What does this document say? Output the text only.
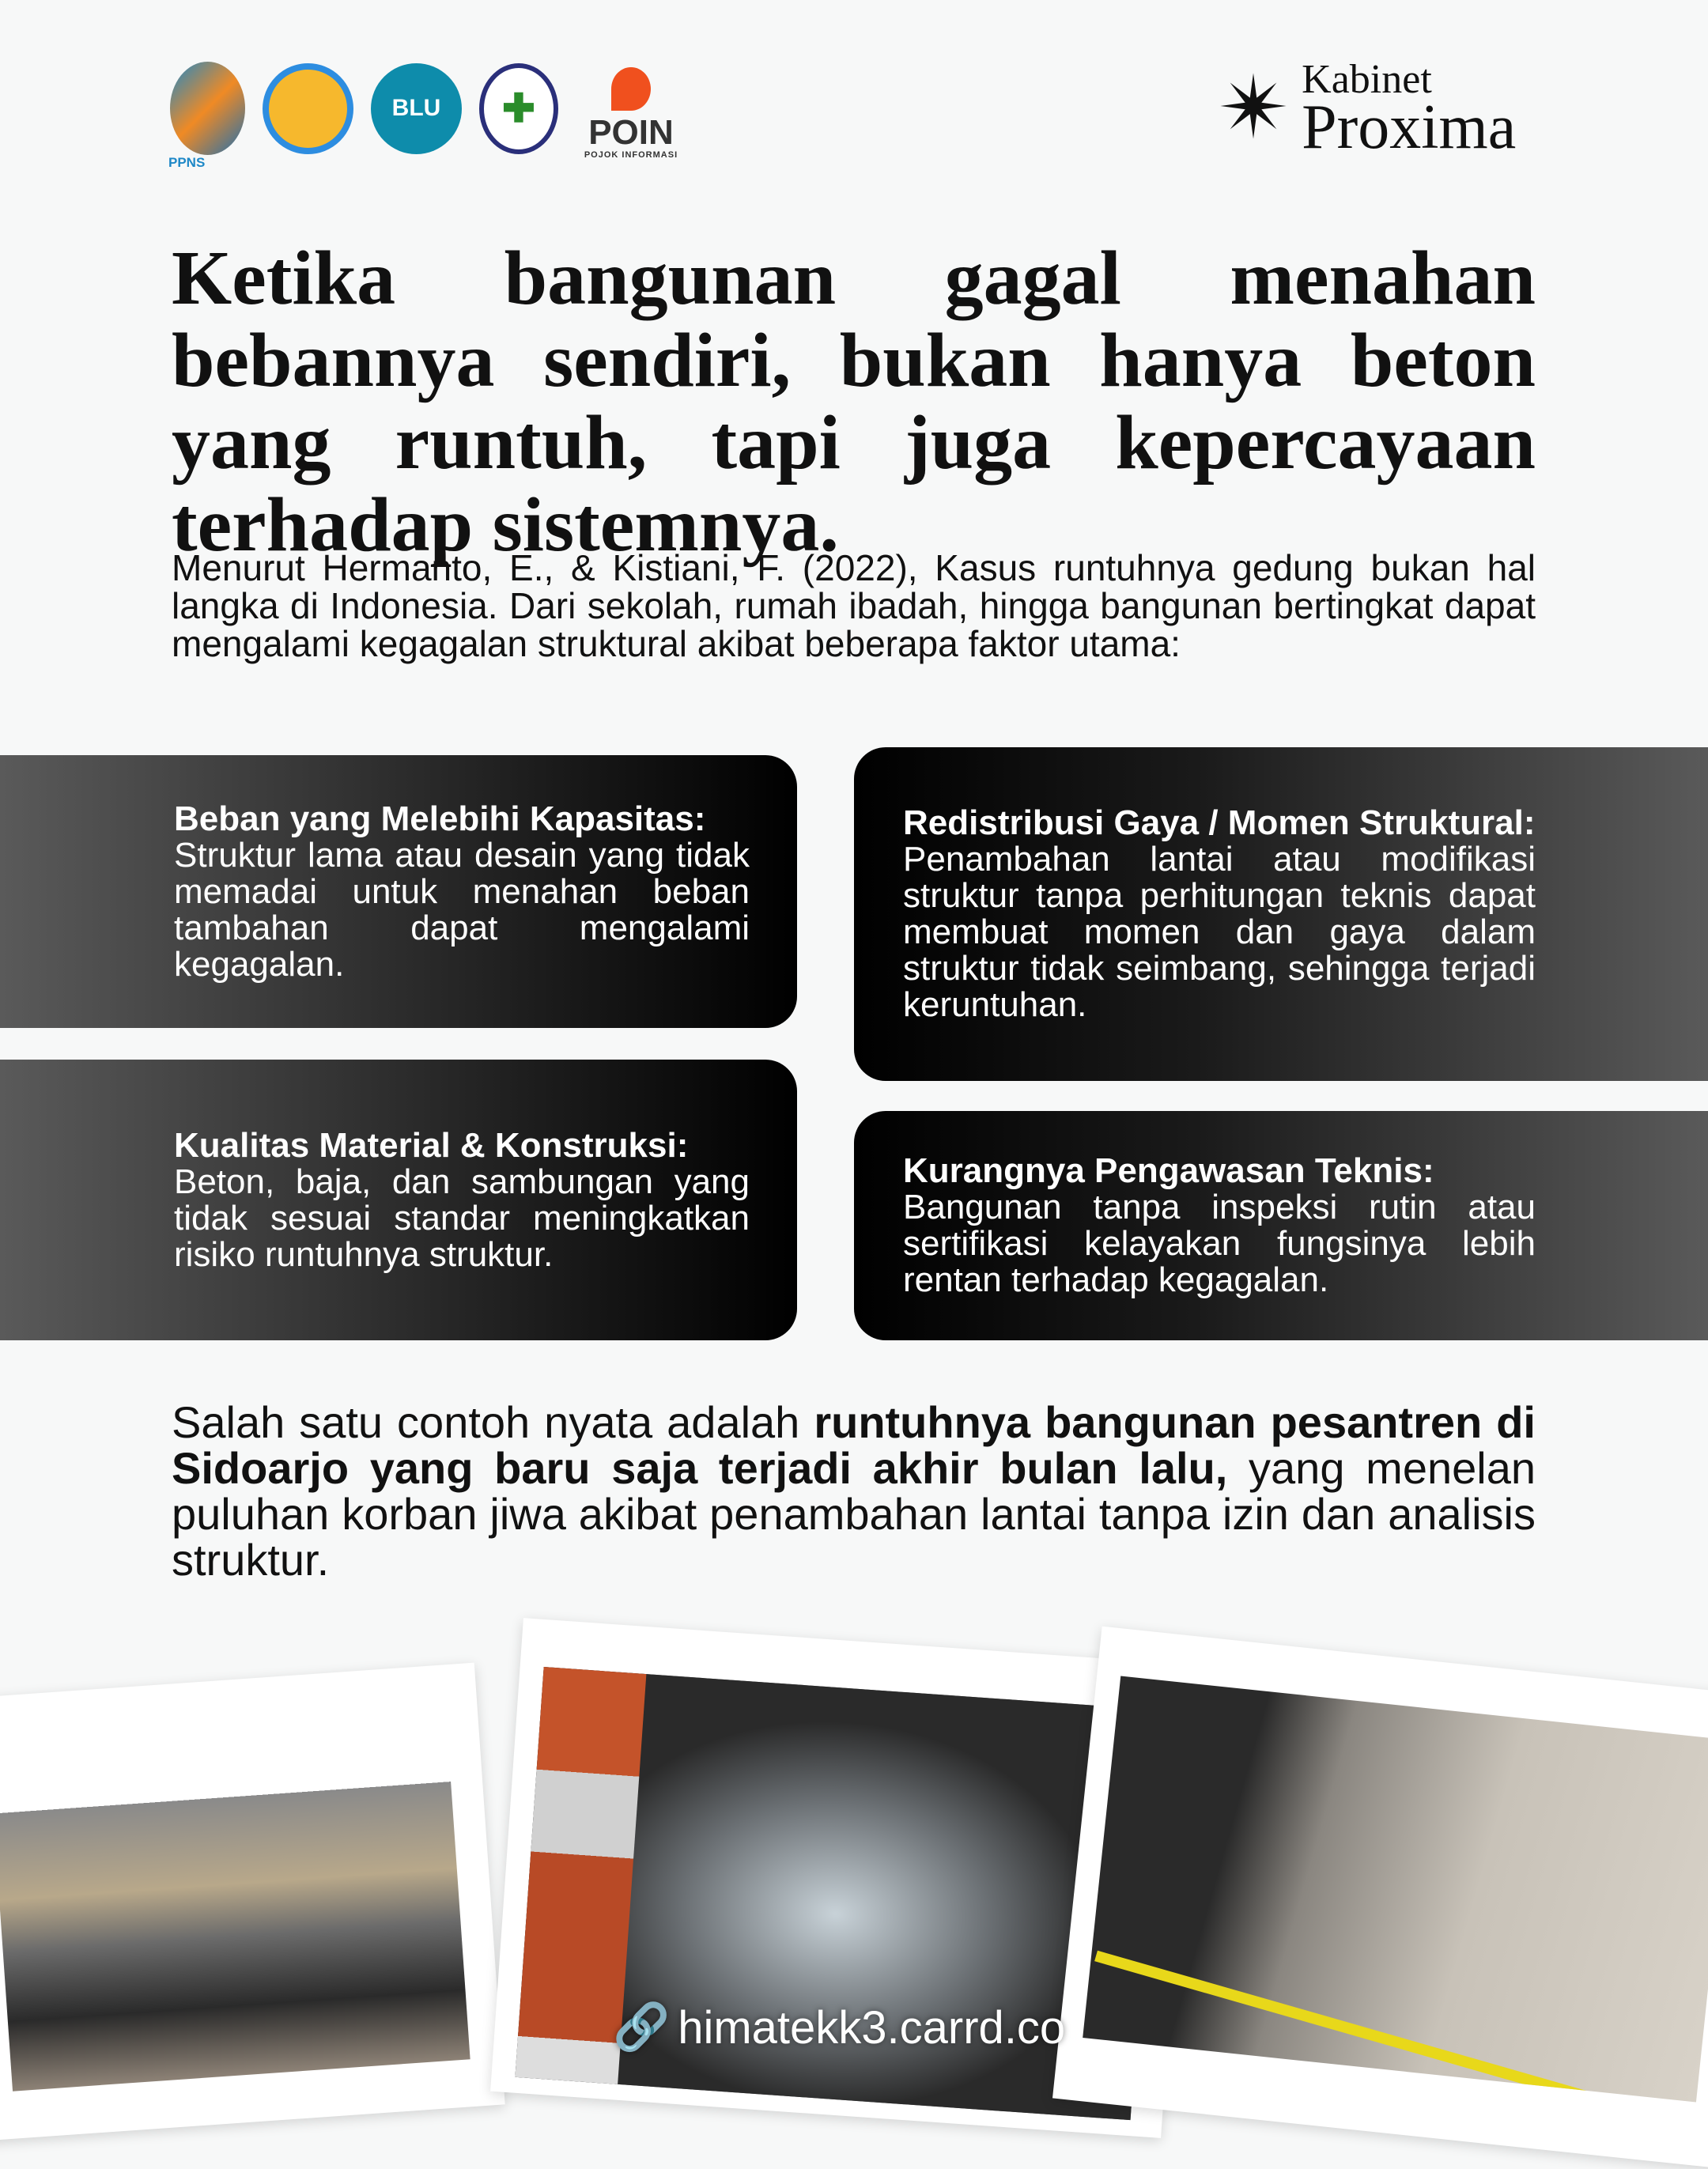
PPNS
BLU	✚
POIN
POJOK INFORMASI	✴ Kabinet
Proxima
Ketika bangunan gagal menahan bebannya sendiri, bukan hanya beton yang runtuh, tapi juga kepercayaan terhadap sistemnya.

Menurut Hermanto, E., & Kistiani, F. (2022), Kasus runtuhnya gedung bukan hal langka di Indonesia. Dari sekolah, rumah ibadah, hingga bangunan bertingkat dapat mengalami kegagalan struktural akibat beberapa faktor utama:

Beban yang Melebihi Kapasitas:
Struktur lama atau desain yang tidak memadai untuk menahan beban tambahan dapat mengalami kegagalan.
Kualitas Material & Konstruksi:
Beton, baja, dan sambungan yang tidak sesuai standar meningkatkan risiko runtuhnya struktur.
Redistribusi Gaya / Momen Struktural:
Penambahan lantai atau modifikasi struktur tanpa perhitungan teknis dapat membuat momen dan gaya dalam struktur tidak seimbang, sehingga terjadi keruntuhan.
Kurangnya Pengawasan Teknis:
Bangunan tanpa inspeksi rutin atau sertifikasi kelayakan fungsinya lebih rentan terhadap kegagalan.

Salah satu contoh nyata adalah runtuhnya bangunan pesantren di Sidoarjo yang baru saja terjadi akhir bulan lalu, yang menelan puluhan korban jiwa akibat penambahan lantai tanpa izin dan analisis struktur.

🔗 himatekk3.carrd.co
